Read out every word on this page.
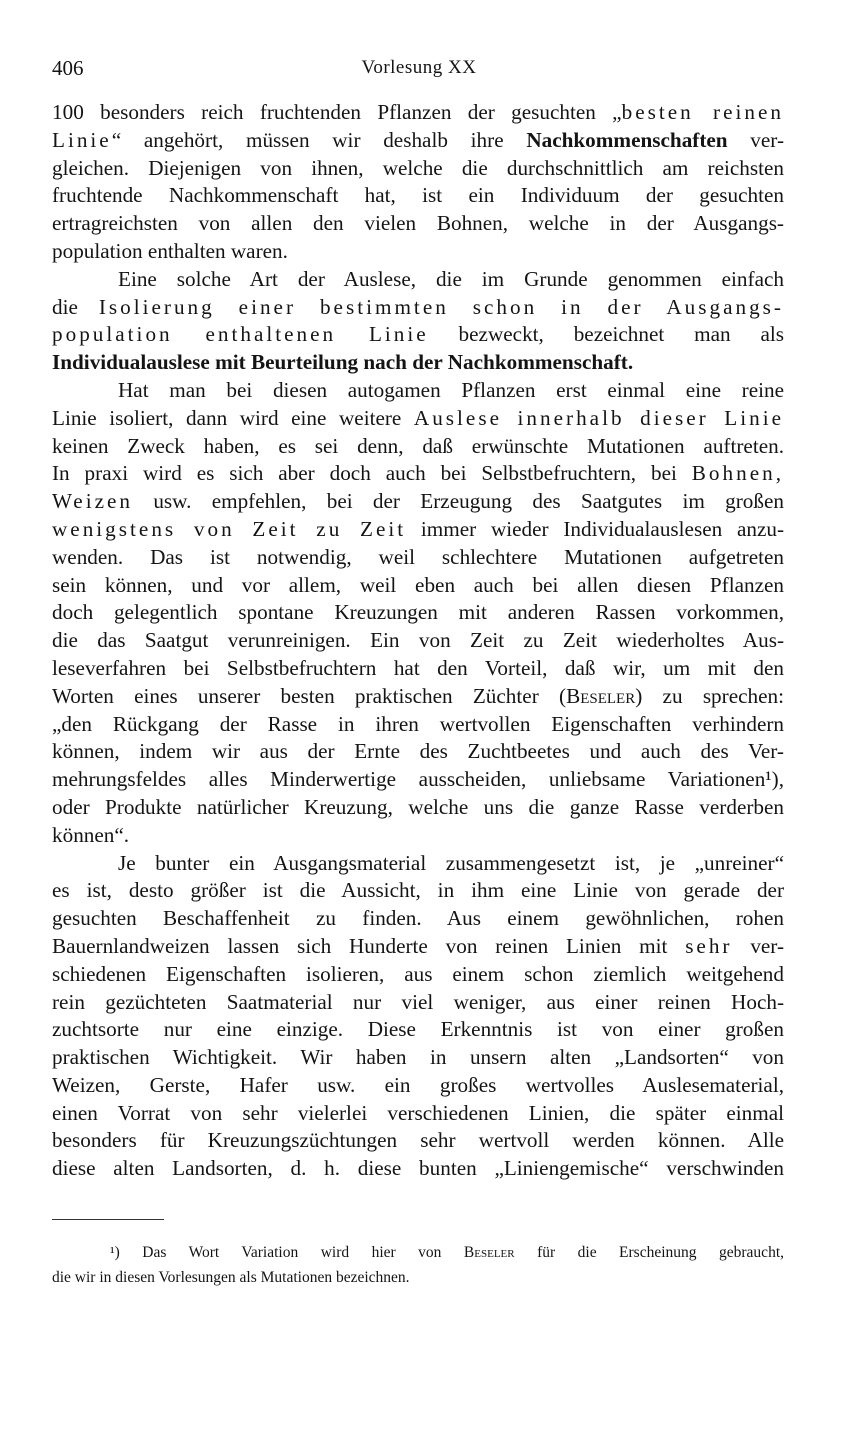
406	Vorlesung XX
100 besonders reich fruchtenden Pflanzen der gesuchten „besten reinen
Linie“ angehört, müssen wir deshalb ihre Nachkommenschaften ver-
gleichen. Diejenigen von ihnen, welche die durchschnittlich am reichsten
fruchtende Nachkommenschaft hat, ist ein Individuum der gesuchten
ertragreichsten von allen den vielen Bohnen, welche in der Ausgangs-
population enthalten waren.
Eine solche Art der Auslese, die im Grunde genommen einfach
die Isolierung einer bestimmten schon in der Ausgangs-
population enthaltenen Linie bezweckt, bezeichnet man als
Individualauslese mit Beurteilung nach der Nachkommenschaft.
Hat man bei diesen autogamen Pflanzen erst einmal eine reine
Linie isoliert, dann wird eine weitere Auslese innerhalb dieser Linie
keinen Zweck haben, es sei denn, daß erwünschte Mutationen auftreten.
In praxi wird es sich aber doch auch bei Selbstbefruchtern, bei Bohnen,
Weizen usw. empfehlen, bei der Erzeugung des Saatgutes im großen
wenigstens von Zeit zu Zeit immer wieder Individualauslesen anzu-
wenden. Das ist notwendig, weil schlechtere Mutationen aufgetreten
sein können, und vor allem, weil eben auch bei allen diesen Pflanzen
doch gelegentlich spontane Kreuzungen mit anderen Rassen vorkommen,
die das Saatgut verunreinigen. Ein von Zeit zu Zeit wiederholtes Aus-
leseverfahren bei Selbstbefruchtern hat den Vorteil, daß wir, um mit den
Worten eines unserer besten praktischen Züchter (Beseler) zu sprechen:
„den Rückgang der Rasse in ihren wertvollen Eigenschaften verhindern
können, indem wir aus der Ernte des Zuchtbeetes und auch des Ver-
mehrungsfeldes alles Minderwertige ausscheiden, unliebsame Variationen¹),
oder Produkte natürlicher Kreuzung, welche uns die ganze Rasse verderben
können“.
Je bunter ein Ausgangsmaterial zusammengesetzt ist, je „unreiner“
es ist, desto größer ist die Aussicht, in ihm eine Linie von gerade der
gesuchten Beschaffenheit zu finden. Aus einem gewöhnlichen, rohen
Bauernlandweizen lassen sich Hunderte von reinen Linien mit sehr ver-
schiedenen Eigenschaften isolieren, aus einem schon ziemlich weitgehend
rein gezüchteten Saatmaterial nur viel weniger, aus einer reinen Hoch-
zuchtsorte nur eine einzige. Diese Erkenntnis ist von einer großen
praktischen Wichtigkeit. Wir haben in unsern alten „Landsorten“ von
Weizen, Gerste, Hafer usw. ein großes wertvolles Auslesematerial,
einen Vorrat von sehr vielerlei verschiedenen Linien, die später einmal
besonders für Kreuzungszüchtungen sehr wertvoll werden können. Alle
diese alten Landsorten, d. h. diese bunten „Liniengemische“ verschwinden
¹) Das Wort Variation wird hier von Beseler für die Erscheinung gebraucht,
die wir in diesen Vorlesungen als Mutationen bezeichnen.
